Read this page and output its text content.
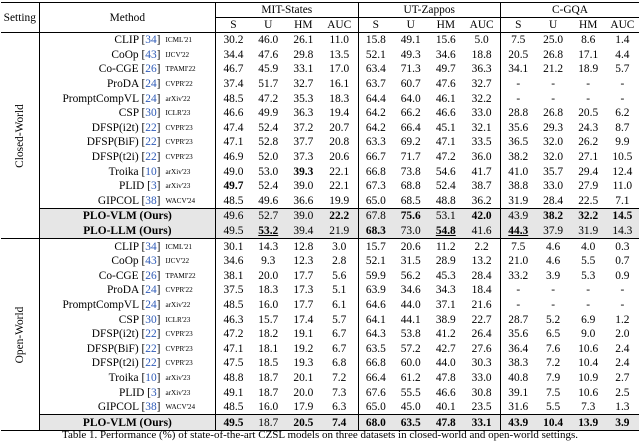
Setting	Method		MIT-States				UT-Zappos				C-GQA			
			S	U	HM	AUC	S	U	HM	AUC	S	U	HM	AUC

Closed-World	CLIP [34]	ICML'21	30.2	46.0	26.1	11.0	15.8	49.1	15.6	5.0	7.5	25.0	8.6	1.4
	CoOp [43]	IJCV'22	34.4	47.6	29.8	13.5	52.1	49.3	34.6	18.8	20.5	26.8	17.1	4.4
	Co-CGE [26]	TPAMI'22	46.7	45.9	33.1	17.0	63.4	71.3	49.7	36.3	34.1	21.2	18.9	5.7
	ProDA [24]	CVPR'22	37.4	51.7	32.7	16.1	63.7	60.7	47.6	32.7	-	-	-	-
	PromptCompVL [24]	arXiv'22	48.5	47.2	35.3	18.3	64.4	64.0	46.1	32.2	-	-	-	-
	CSP [30]	ICLR'23	46.6	49.9	36.3	19.4	64.2	66.2	46.6	33.0	28.8	26.8	20.5	6.2
	DFSP(i2t) [22]	CVPR'23	47.4	52.4	37.2	20.7	64.2	66.4	45.1	32.1	35.6	29.3	24.3	8.7
	DFSP(BiF) [22]	CVPR'23	47.1	52.8	37.7	20.8	63.3	69.2	47.1	33.5	36.5	32.0	26.2	9.9
	DFSP(t2i) [22]	CVPR'23	46.9	52.0	37.3	20.6	66.7	71.7	47.2	36.0	38.2	32.0	27.1	10.5
	Troika [10]	arXiv'23	49.0	53.0	39.3	22.1	66.8	73.8	54.6	41.7	41.0	35.7	29.4	12.4
	PLID [3]	arXiv'23	49.7	52.4	39.0	22.1	67.3	68.8	52.4	38.7	38.8	33.0	27.9	11.0
	GIPCOL [38]	WACV'24	48.5	49.6	36.6	19.9	65.0	68.5	48.8	36.2	31.9	28.4	22.5	7.1
	PLO-VLM (Ours)		49.6	52.7	39.0	22.2	67.8	75.6	53.1	42.0	43.9	38.2	32.2	14.5
	PLO-LLM (Ours)		49.5	53.2	39.4	21.9	68.3	73.0	54.8	41.6	44.3	37.9	31.9	14.3

Open-World	CLIP [34]	ICML'21	30.1	14.3	12.8	3.0	15.7	20.6	11.2	2.2	7.5	4.6	4.0	0.3
	CoOp [43]	IJCV'22	34.6	9.3	12.3	2.8	52.1	31.5	28.9	13.2	21.0	4.6	5.5	0.7
	Co-CGE [26]	TPAMI'22	38.1	20.0	17.7	5.6	59.9	56.2	45.3	28.4	33.2	3.9	5.3	0.9
	ProDA [24]	CVPR'22	37.5	18.3	17.3	5.1	63.9	34.6	34.3	18.4	-	-	-	-
	PromptCompVL [24]	arXiv'22	48.5	16.0	17.7	6.1	64.6	44.0	37.1	21.6	-	-	-	-
	CSP [30]	ICLR'23	46.3	15.7	17.4	5.7	64.1	44.1	38.9	22.7	28.7	5.2	6.9	1.2
	DFSP(i2t) [22]	CVPR'23	47.2	18.2	19.1	6.7	64.3	53.8	41.2	26.4	35.6	6.5	9.0	2.0
	DFSP(BiF) [22]	CVPR'23	47.1	18.1	19.2	6.7	63.5	57.2	42.7	27.6	36.4	7.6	10.6	2.4
	DFSP(t2i) [22]	CVPR'23	47.5	18.5	19.3	6.8	66.8	60.0	44.0	30.3	38.3	7.2	10.4	2.4
	Troika [10]	arXiv'23	48.8	18.7	20.1	7.2	66.4	61.2	47.8	33.0	40.8	7.9	10.9	2.7
	PLID [3]	arXiv'23	49.1	18.7	20.0	7.3	67.6	55.5	46.6	30.8	39.1	7.5	10.6	2.5
	GIPCOL [38]	WACV'24	48.5	16.0	17.9	6.3	65.0	45.0	40.1	23.5	31.6	5.5	7.3	1.3
	PLO-VLM (Ours)		49.5	18.7	20.5	7.4	68.0	63.5	47.8	33.1	43.9	10.4	13.9	3.9
Table 1. Performance (%) of state-of-the-art CZSL models on three datasets in closed-world and open-world settings.
